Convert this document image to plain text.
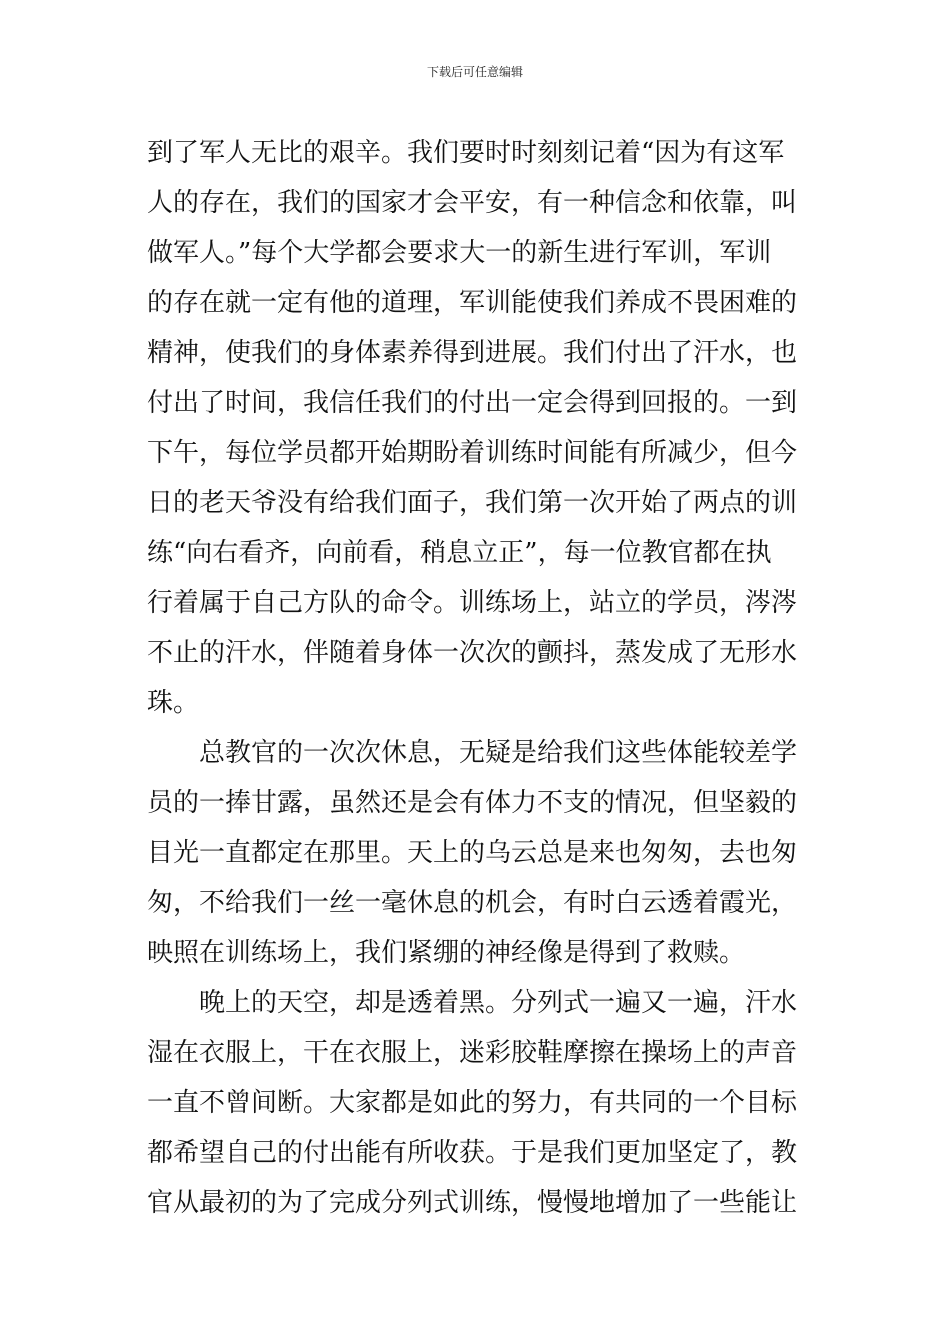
下载后可任意编辑
到了军人无比的艰辛。我们要时时刻刻记着“因为有这军
人的存在，我们的国家才会平安，有一种信念和依靠，叫
做军人。”每个大学都会要求大一的新生进行军训，军训
的存在就一定有他的道理，军训能使我们养成不畏困难的
精神，使我们的身体素养得到进展。我们付出了汗水，也
付出了时间，我信任我们的付出一定会得到回报的。一到
下午，每位学员都开始期盼着训练时间能有所减少，但今
日的老天爷没有给我们面子，我们第一次开始了两点的训
练“向右看齐，向前看，稍息立正”，每一位教官都在执
行着属于自己方队的命令。训练场上，站立的学员，涔涔
不止的汗水，伴随着身体一次次的颤抖，蒸发成了无形水
珠。
　　总教官的一次次休息，无疑是给我们这些体能较差学
员的一捧甘露，虽然还是会有体力不支的情况，但坚毅的
目光一直都定在那里。天上的乌云总是来也匆匆，去也匆
匆，不给我们一丝一毫休息的机会，有时白云透着霞光，
映照在训练场上，我们紧绷的神经像是得到了救赎。
　　晚上的天空，却是透着黑。分列式一遍又一遍，汗水
湿在衣服上，干在衣服上，迷彩胶鞋摩擦在操场上的声音
一直不曾间断。大家都是如此的努力，有共同的一个目标
都希望自己的付出能有所收获。于是我们更加坚定了，教
官从最初的为了完成分列式训练，慢慢地增加了一些能让
